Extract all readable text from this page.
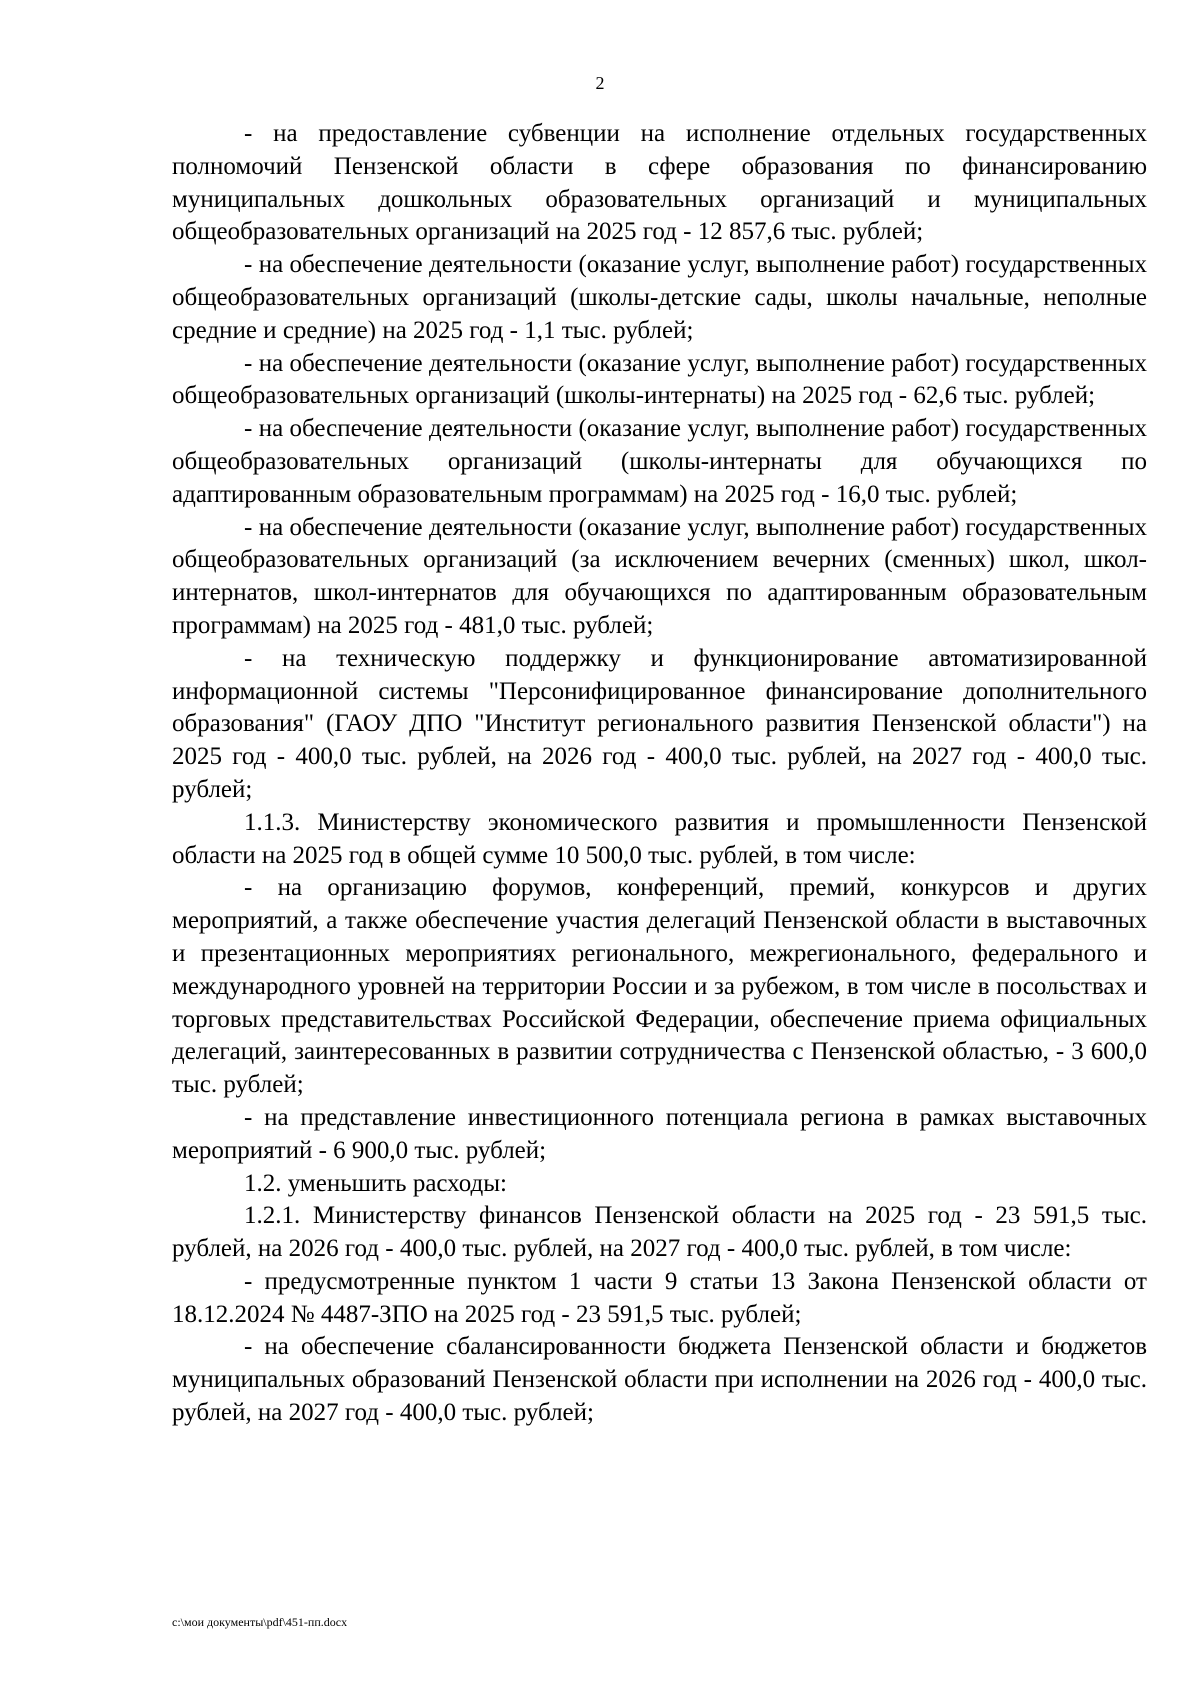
2

- на предоставление субвенции на исполнение отдельных государственных полномочий Пензенской области в сфере образования по финансированию муниципальных дошкольных образовательных организаций и муниципальных общеобразовательных организаций на 2025 год - 12 857,6 тыс. рублей;

- на обеспечение деятельности (оказание услуг, выполнение работ) государственных общеобразовательных организаций (школы-детские сады, школы начальные, неполные средние и средние) на 2025 год - 1,1 тыс. рублей;

- на обеспечение деятельности (оказание услуг, выполнение работ) государственных общеобразовательных организаций (школы-интернаты) на 2025 год - 62,6 тыс. рублей;

- на обеспечение деятельности (оказание услуг, выполнение работ) государственных общеобразовательных организаций (школы-интернаты для обучающихся по адаптированным образовательным программам) на 2025 год - 16,0 тыс. рублей;

- на обеспечение деятельности (оказание услуг, выполнение работ) государственных общеобразовательных организаций (за исключением вечерних (сменных) школ, школ-интернатов, школ-интернатов для обучающихся по адаптированным образовательным программам) на 2025 год - 481,0 тыс. рублей;

- на техническую поддержку и функционирование автоматизированной информационной системы "Персонифицированное финансирование дополнительного образования" (ГАОУ ДПО "Институт регионального развития Пензенской области") на 2025 год - 400,0 тыс. рублей, на 2026 год - 400,0 тыс. рублей, на 2027 год - 400,0 тыс. рублей;

1.1.3. Министерству экономического развития и промышленности Пензенской области на 2025 год в общей сумме 10 500,0 тыс. рублей, в том числе:

- на организацию форумов, конференций, премий, конкурсов и других мероприятий, а также обеспечение участия делегаций Пензенской области в выставочных и презентационных мероприятиях регионального, межрегионального, федерального и международного уровней на территории России и за рубежом, в том числе в посольствах и торговых представительствах Российской Федерации, обеспечение приема официальных делегаций, заинтересованных в развитии сотрудничества с Пензенской областью, - 3 600,0 тыс. рублей;

- на представление инвестиционного потенциала региона в рамках выставочных мероприятий - 6 900,0 тыс. рублей;

1.2. уменьшить расходы:

1.2.1. Министерству финансов Пензенской области на 2025 год - 23 591,5 тыс. рублей, на 2026 год - 400,0 тыс. рублей, на 2027 год - 400,0 тыс. рублей, в том числе:

- предусмотренные пунктом 1 части 9 статьи 13 Закона Пензенской области от 18.12.2024 № 4487-ЗПО на 2025 год - 23 591,5 тыс. рублей;

- на обеспечение сбалансированности бюджета Пензенской области и бюджетов муниципальных образований Пензенской области при исполнении на 2026 год - 400,0 тыс. рублей, на 2027 год - 400,0 тыс. рублей;

c:\мои документы\pdf\451-пп.docx
